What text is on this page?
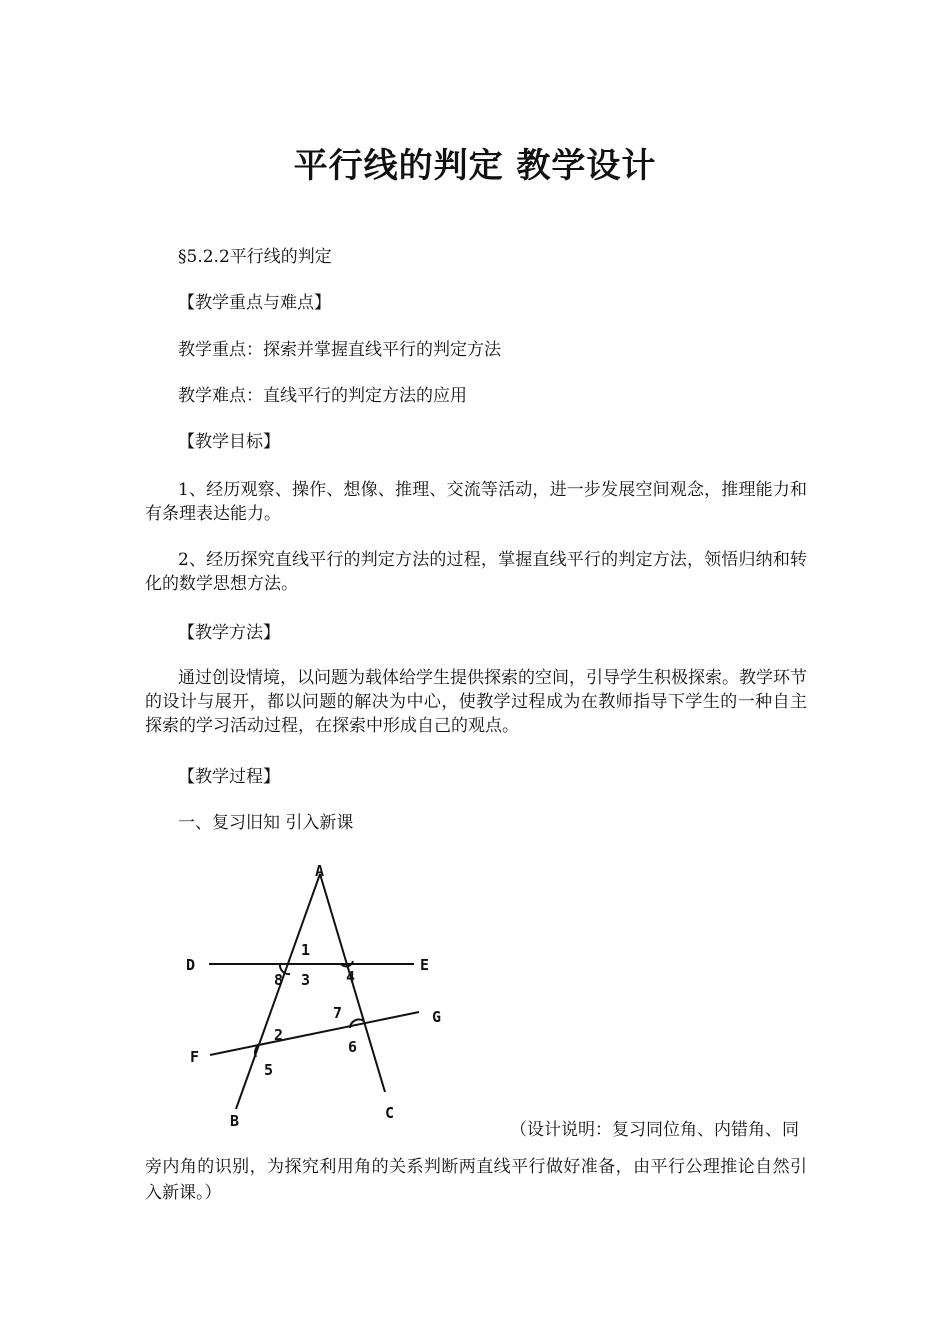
平行线的判定 教学设计

§5.2.2平行线的判定

【教学重点与难点】

教学重点：探索并掌握直线平行的判定方法

教学难点：直线平行的判定方法的应用

【教学目标】

1、经历观察、操作、想像、推理、交流等活动，进一步发展空间观念，推理能力和有条理表达能力。

2、经历探究直线平行的判定方法的过程，掌握直线平行的判定方法，领悟归纳和转化的数学思想方法。

【教学方法】

通过创设情境，以问题为载体给学生提供探索的空间，引导学生积极探索。教学环节的设计与展开，都以问题的解决为中心，使教学过程成为在教师指导下学生的一种自主探索的学习活动过程，在探索中形成自己的观点。

【教学过程】

一、复习旧知 引入新课

A
B	C
D	E
F
G
1
8 3 4
2
5
7
6

（设计说明：复习同位角、内错角、同

旁内角的识别，为探究利用角的关系判断两直线平行做好准备，由平行公理推论自然引入新课。）
